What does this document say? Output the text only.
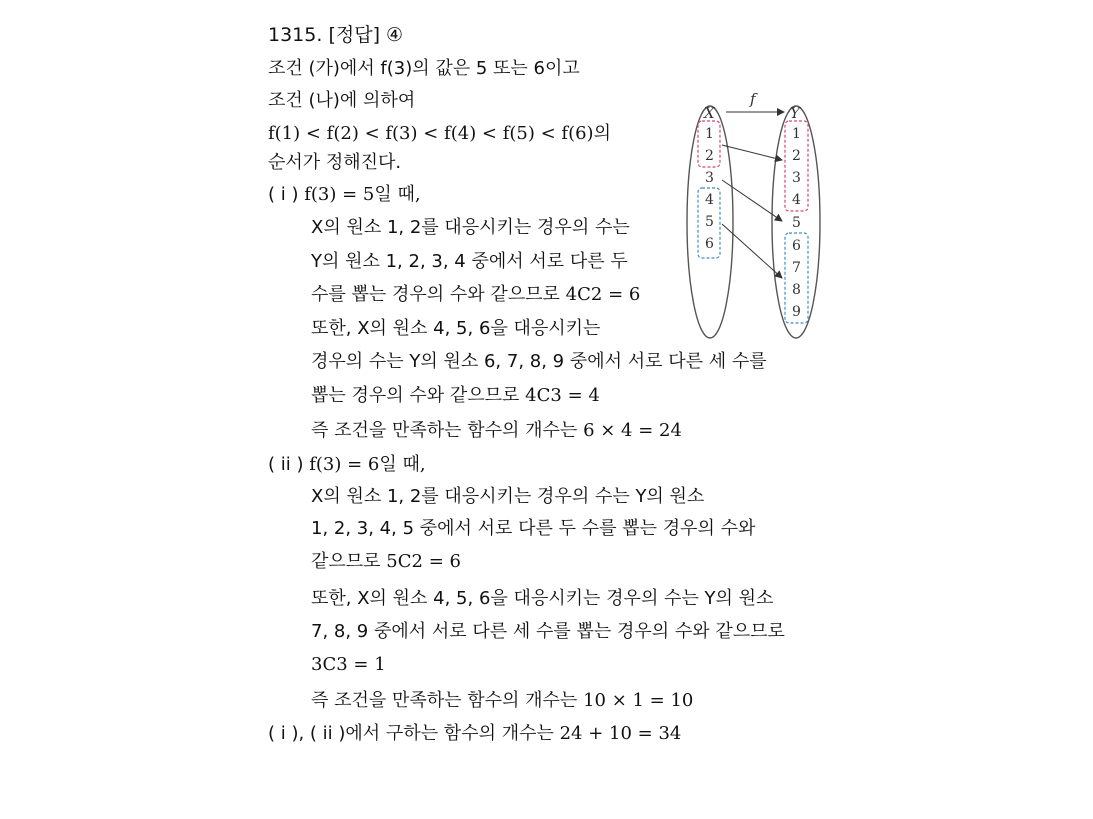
1315. [정답] ④
조건 (가)에서 f(3)의 값은 5 또는 6이고
조건 (나)에 의하여
f(1) < f(2) < f(3) < f(4) < f(5) < f(6)의
순서가 정해진다.
( i ) f(3) = 5일 때,
X의 원소 1, 2를 대응시키는 경우의 수는
Y의 원소 1, 2, 3, 4 중에서 서로 다른 두
수를 뽑는 경우의 수와 같으므로 4C2 = 6
또한, X의 원소 4, 5, 6을 대응시키는
경우의 수는 Y의 원소 6, 7, 8, 9 중에서 서로 다른 세 수를
뽑는 경우의 수와 같으므로 4C3 = 4
즉 조건을 만족하는 함수의 개수는 6 × 4 = 24
( ii ) f(3) = 6일 때,
X의 원소 1, 2를 대응시키는 경우의 수는 Y의 원소
1, 2, 3, 4, 5 중에서 서로 다른 두 수를 뽑는 경우의 수와
같으므로 5C2 = 6
또한, X의 원소 4, 5, 6을 대응시키는 경우의 수는 Y의 원소
7, 8, 9 중에서 서로 다른 세 수를 뽑는 경우의 수와 같으므로
3C3 = 1
즉 조건을 만족하는 함수의 개수는 10 × 1 = 10
( i ), ( ii )에서 구하는 함수의 개수는 24 + 10 = 34
X	Y
f
1
2
3
4
5
6
1
2
3
4
5
6
7
8
9
